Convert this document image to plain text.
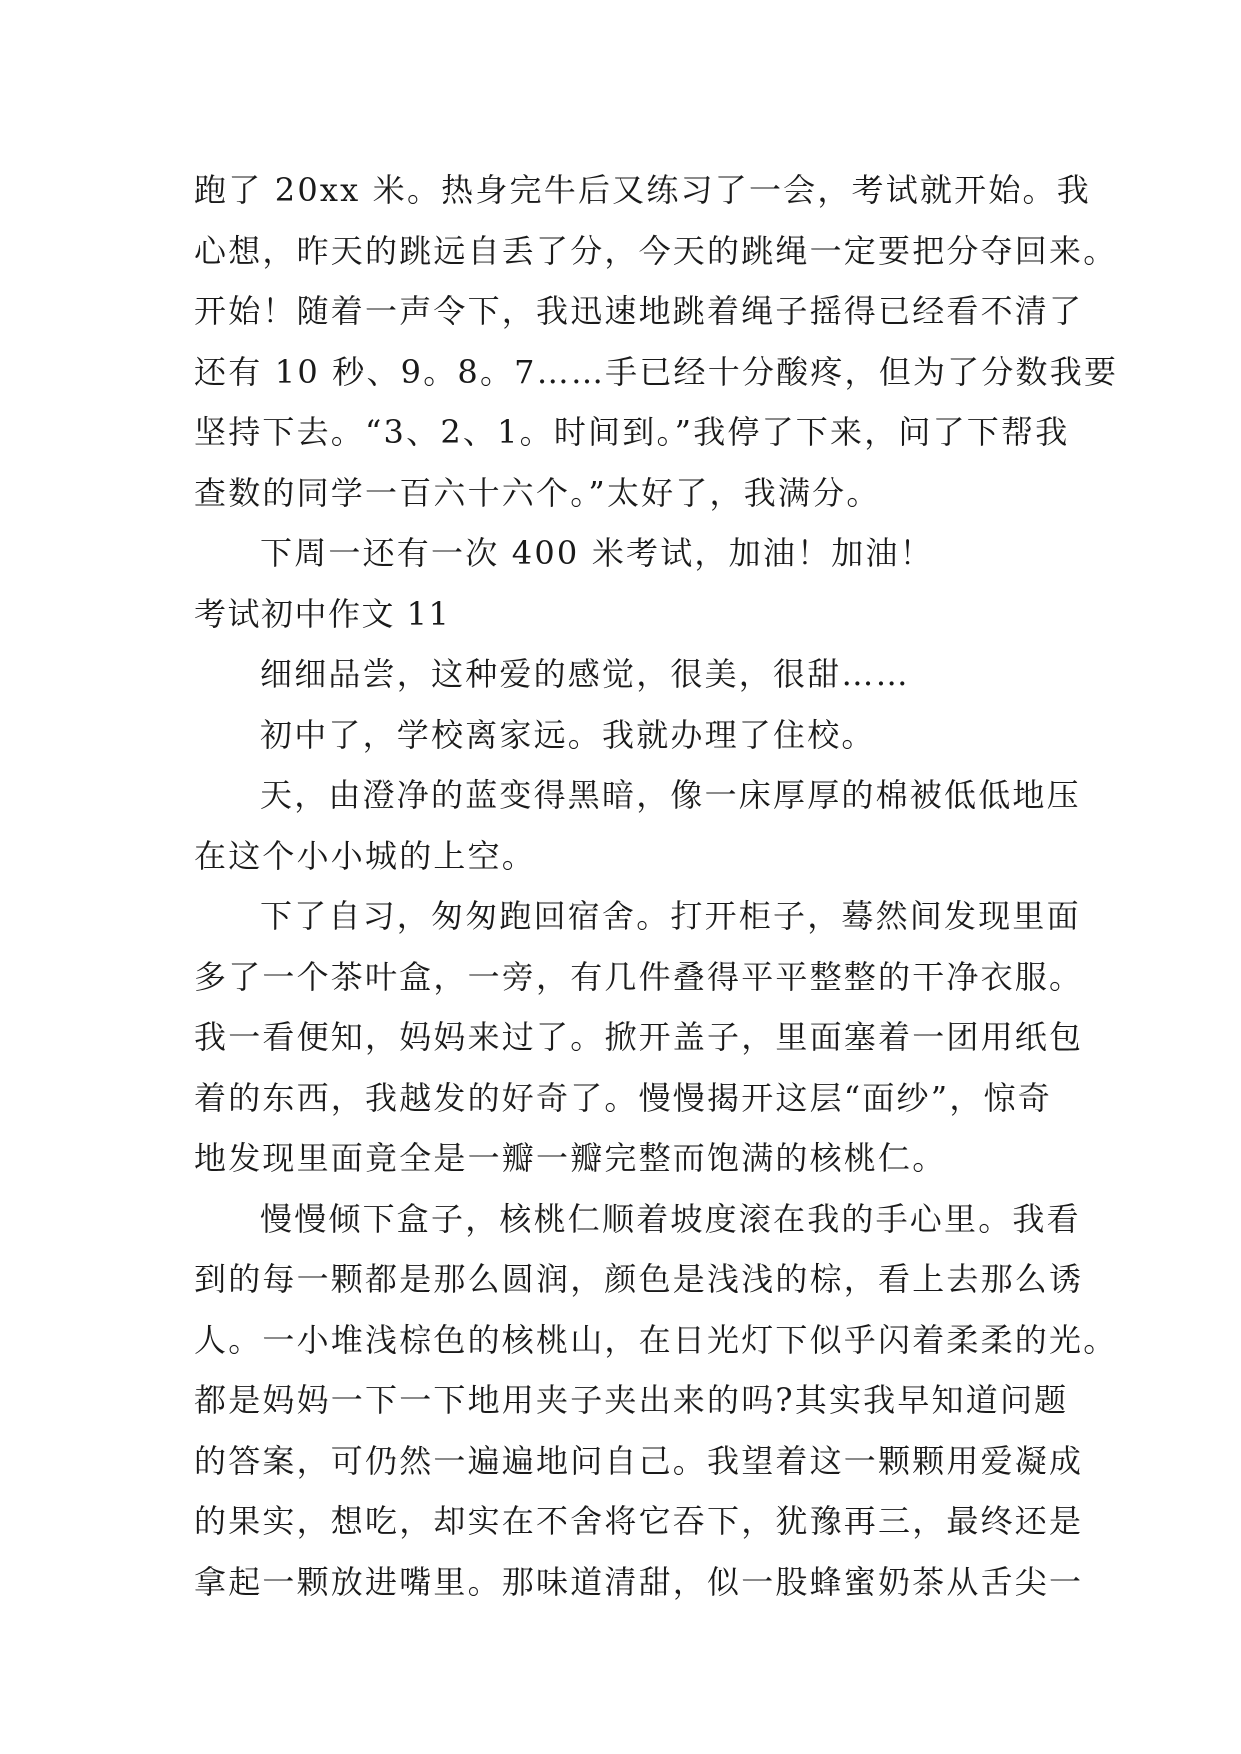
跑了 20xx 米。热身完牛后又练习了一会，考试就开始。我
心想，昨天的跳远自丢了分，今天的跳绳一定要把分夺回来。
开始！随着一声令下，我迅速地跳着绳子摇得已经看不清了
还有 10 秒、9。8。7……手已经十分酸疼，但为了分数我要
坚持下去。“3、2、1。时间到。”我停了下来，问了下帮我
查数的同学一百六十六个。”太好了，我满分。
下周一还有一次 400 米考试，加油！加油！
考试初中作文 11
细细品尝，这种爱的感觉，很美，很甜……
初中了，学校离家远。我就办理了住校。
天，由澄净的蓝变得黑暗，像一床厚厚的棉被低低地压
在这个小小城的上空。
下了自习，匆匆跑回宿舍。打开柜子，蓦然间发现里面
多了一个茶叶盒，一旁，有几件叠得平平整整的干净衣服。
我一看便知，妈妈来过了。掀开盖子，里面塞着一团用纸包
着的东西，我越发的好奇了。慢慢揭开这层“面纱”，惊奇
地发现里面竟全是一瓣一瓣完整而饱满的核桃仁。
慢慢倾下盒子，核桃仁顺着坡度滚在我的手心里。我看
到的每一颗都是那么圆润，颜色是浅浅的棕，看上去那么诱
人。一小堆浅棕色的核桃山，在日光灯下似乎闪着柔柔的光。
都是妈妈一下一下地用夹子夹出来的吗?其实我早知道问题
的答案，可仍然一遍遍地问自己。我望着这一颗颗用爱凝成
的果实，想吃，却实在不舍将它吞下，犹豫再三，最终还是
拿起一颗放进嘴里。那味道清甜，似一股蜂蜜奶茶从舌尖一
